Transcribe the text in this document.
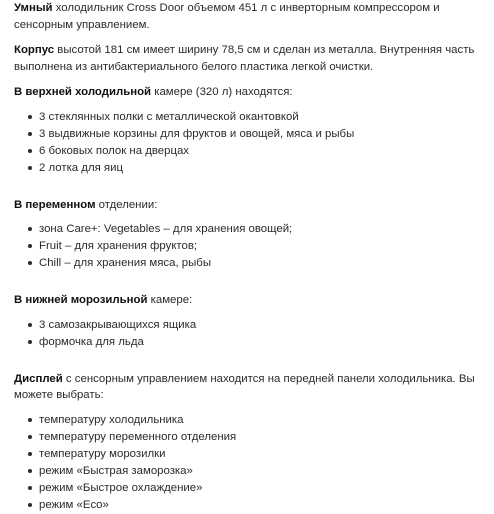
Умный холодильник Cross Door объемом 451 л с инверторным компрессором и сенсорным управлением.

Корпус высотой 181 см имеет ширину 78,5 см и сделан из металла. Внутренняя часть выполнена из антибактериального белого пластика легкой очистки.

В верхней холодильной камере (320 л) находятся:

3 стеклянных полки с металлической окантовкой
3 выдвижные корзины для фруктов и овощей, мяса и рыбы
6 боковых полок на дверцах
2 лотка для яиц

В переменном отделении:

зона Care+: Vegetables – для хранения овощей;
Fruit – для хранения фруктов;
Chill – для хранения мяса, рыбы

В нижней морозильной камере:

3 самозакрывающихся ящика
формочка для льда

Дисплей с сенсорным управлением находится на передней панели холодильника. Вы можете выбрать:

температуру холодильника
температуру переменного отделения
температуру морозилки
режим «Быстрая заморозка»
режим «Быстрое охлаждение»
режим «Eco»
